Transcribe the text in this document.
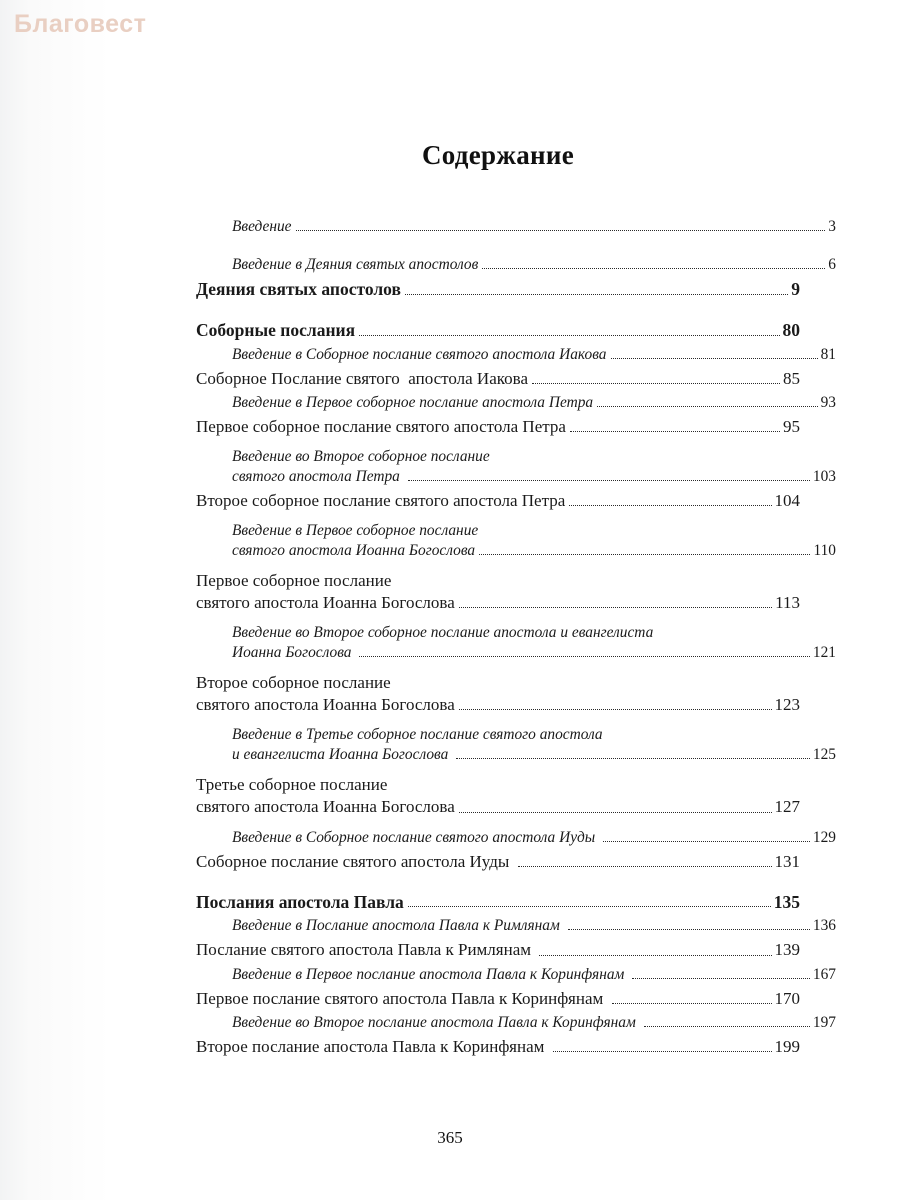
Благовест
Содержание
Введение	3
Введение в Деяния святых апостолов	6
Деяния святых апостолов	9
Соборные послания	80
Введение в Соборное послание святого апостола Иакова	81
Соборное Послание святого  апостола Иакова	85
Введение в Первое соборное послание апостола Петра	93
Первое соборное послание святого апостола Петра	95
Введение во Второе соборное послание
святого апостола Петра	103
Второе соборное послание святого апостола Петра	104
Введение в Первое соборное послание
святого апостола Иоанна Богослова	110
Первое соборное послание
святого апостола Иоанна Богослова	113
Введение во Второе соборное послание апостола и евангелиста
Иоанна Богослова	121
Второе соборное послание
святого апостола Иоанна Богослова	123
Введение в Третье соборное послание святого апостола
и евангелиста Иоанна Богослова	125
Третье соборное послание
святого апостола Иоанна Богослова	127
Введение в Соборное послание святого апостола Иуды	129
Соборное послание святого апостола Иуды	131
Послания апостола Павла	135
Введение в Послание апостола Павла к Римлянам	136
Послание святого апостола Павла к Римлянам	139
Введение в Первое послание апостола Павла к Коринфянам	167
Первое послание святого апостола Павла к Коринфянам	170
Введение во Второе послание апостола Павла к Коринфянам	197
Второе послание апостола Павла к Коринфянам	199
365
